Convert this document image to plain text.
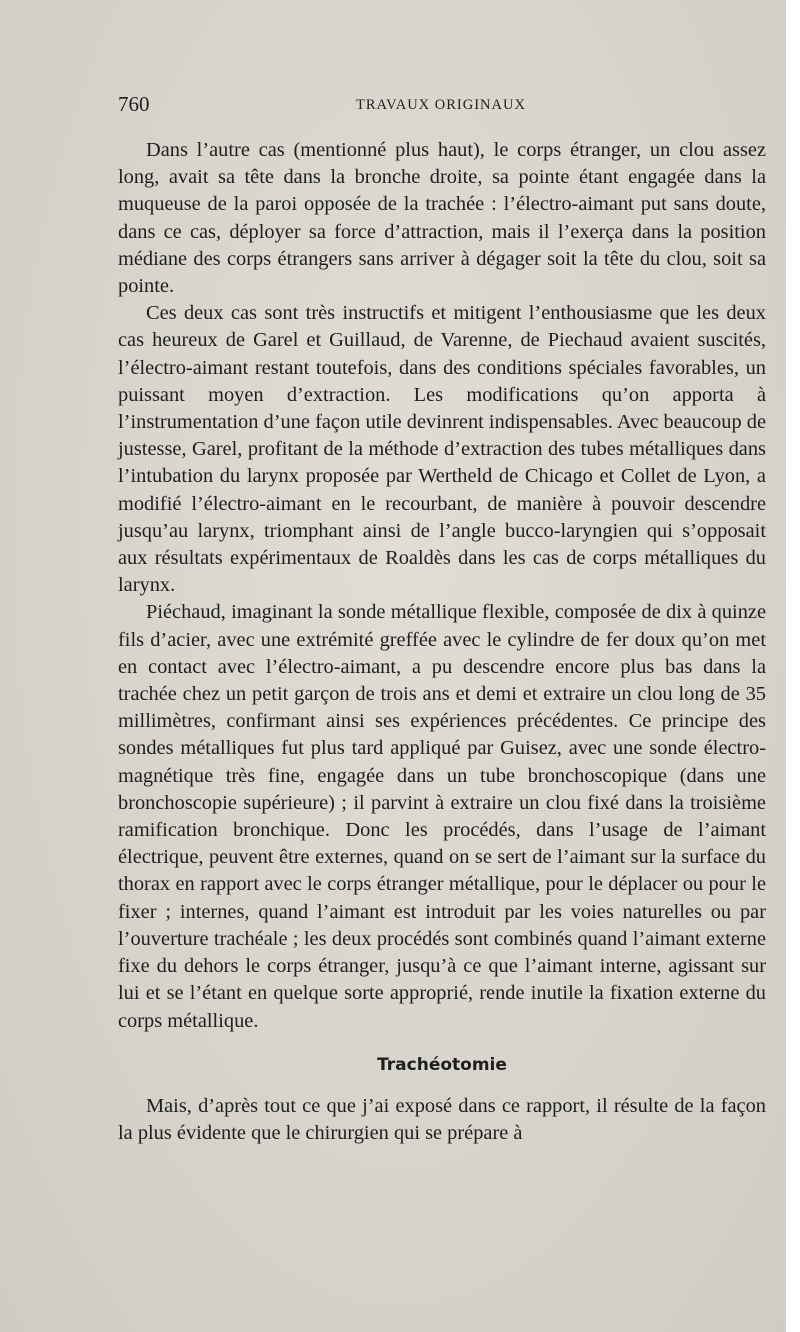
760	TRAVAUX ORIGINAUX

Dans l’autre cas (mentionné plus haut), le corps étranger, un clou assez long, avait sa tête dans la bronche droite, sa pointe étant engagée dans la muqueuse de la paroi opposée de la trachée : l’électro-aimant put sans doute, dans ce cas, déployer sa force d’attraction, mais il l’exerça dans la position médiane des corps étrangers sans arriver à dégager soit la tête du clou, soit sa pointe.

Ces deux cas sont très instructifs et mitigent l’enthousiasme que les deux cas heureux de Garel et Guillaud, de Varenne, de Piechaud avaient suscités, l’électro-aimant restant toutefois, dans des conditions spéciales favorables, un puissant moyen d’extraction. Les modifications qu’on apporta à l’instrumentation d’une façon utile devinrent indispensables. Avec beaucoup de justesse, Garel, profitant de la méthode d’extraction des tubes métalliques dans l’intubation du larynx proposée par Wertheld de Chicago et Collet de Lyon, a modifié l’électro-aimant en le recourbant, de manière à pouvoir descendre jusqu’au larynx, triomphant ainsi de l’angle bucco-laryngien qui s’opposait aux résultats expérimentaux de Roaldès dans les cas de corps métalliques du larynx.

Piéchaud, imaginant la sonde métallique flexible, composée de dix à quinze fils d’acier, avec une extrémité greffée avec le cylindre de fer doux qu’on met en contact avec l’électro-aimant, a pu descendre encore plus bas dans la trachée chez un petit garçon de trois ans et demi et extraire un clou long de 35 millimètres, confirmant ainsi ses expériences précédentes. Ce principe des sondes métalliques fut plus tard appliqué par Guisez, avec une sonde électro-magnétique très fine, engagée dans un tube bronchoscopique (dans une bronchoscopie supérieure) ; il parvint à extraire un clou fixé dans la troisième ramification bronchique. Donc les procédés, dans l’usage de l’aimant électrique, peuvent être externes, quand on se sert de l’aimant sur la surface du thorax en rapport avec le corps étranger métallique, pour le déplacer ou pour le fixer ; internes, quand l’aimant est introduit par les voies naturelles ou par l’ouverture trachéale ; les deux procédés sont combinés quand l’aimant externe fixe du dehors le corps étranger, jusqu’à ce que l’aimant interne, agissant sur lui et se l’étant en quelque sorte approprié, rende inutile la fixation externe du corps métallique.

Trachéotomie

Mais, d’après tout ce que j’ai exposé dans ce rapport, il résulte de la façon la plus évidente que le chirurgien qui se prépare à
